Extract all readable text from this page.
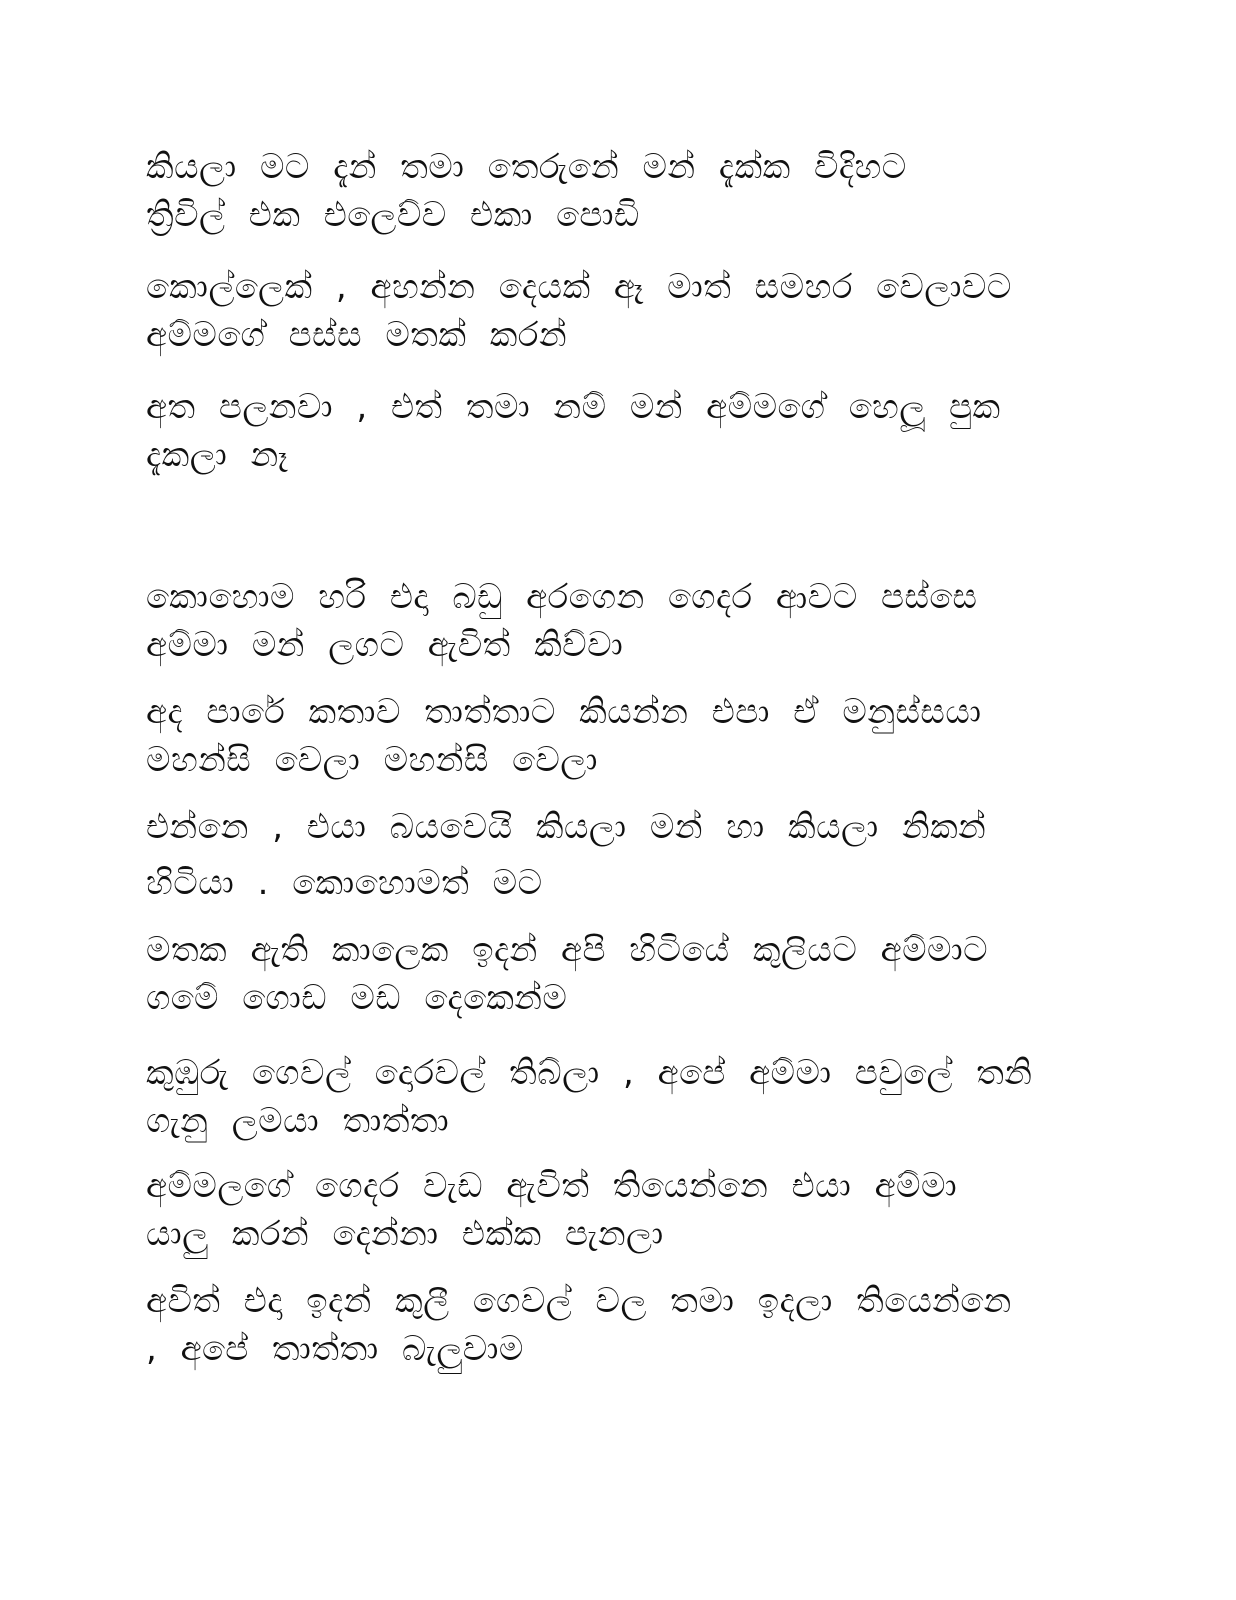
කියලා මට දැන් තමා තෙරුනේ මන් දැක්ක විදිහට
ත්‍රිවිල් එක එලෙව්ව එකා පොඩි
කොල්ලෙක් , අහන්න දෙයක් ඈ මාත් සමහර වෙලාවට
අම්මගේ පස්ස මතක් කරන්
අත පලනවා , එත් තමා නම් මන් අම්මගේ හෙලූ පුක
දැකලා නෑ
කොහොම හරි එදා බඩු අරගෙන ගෙදර ආවට පස්සෙ
අම්මා මන් ලගට ඇවිත් කිව්වා
අද පාරේ කතාව තාත්තාට කියන්න එපා ඒ මනුස්සයා
මහන්සි වෙලා මහන්සි වෙලා
එන්නෙ , එයා බයවෙයි කියලා මන් හා කියලා නිකන්
හිටියා . කොහොමත් මට
මතක ඇති කාලෙක ඉදන් අපි හිටියේ කුලියට අම්මාට
ගමේ ගොඩ මඩ දෙකෙන්ම
කුඹුරු ගෙවල් දොරවල් තිබ්ලා , අපේ අම්මා පවුලේ තනි
ගැනු ලමයා තාත්තා
අම්මලගේ ගෙදර වැඩ ඇවිත් තියෙන්නෙ එයා අම්මා
යාලු කරන් දෙන්නා එක්ක පැනලා
අවිත් එදා ඉදන් කුලී ගෙවල් වල තමා ඉදලා තියෙන්නෙ
, අපේ තාත්තා බැලුවාම
